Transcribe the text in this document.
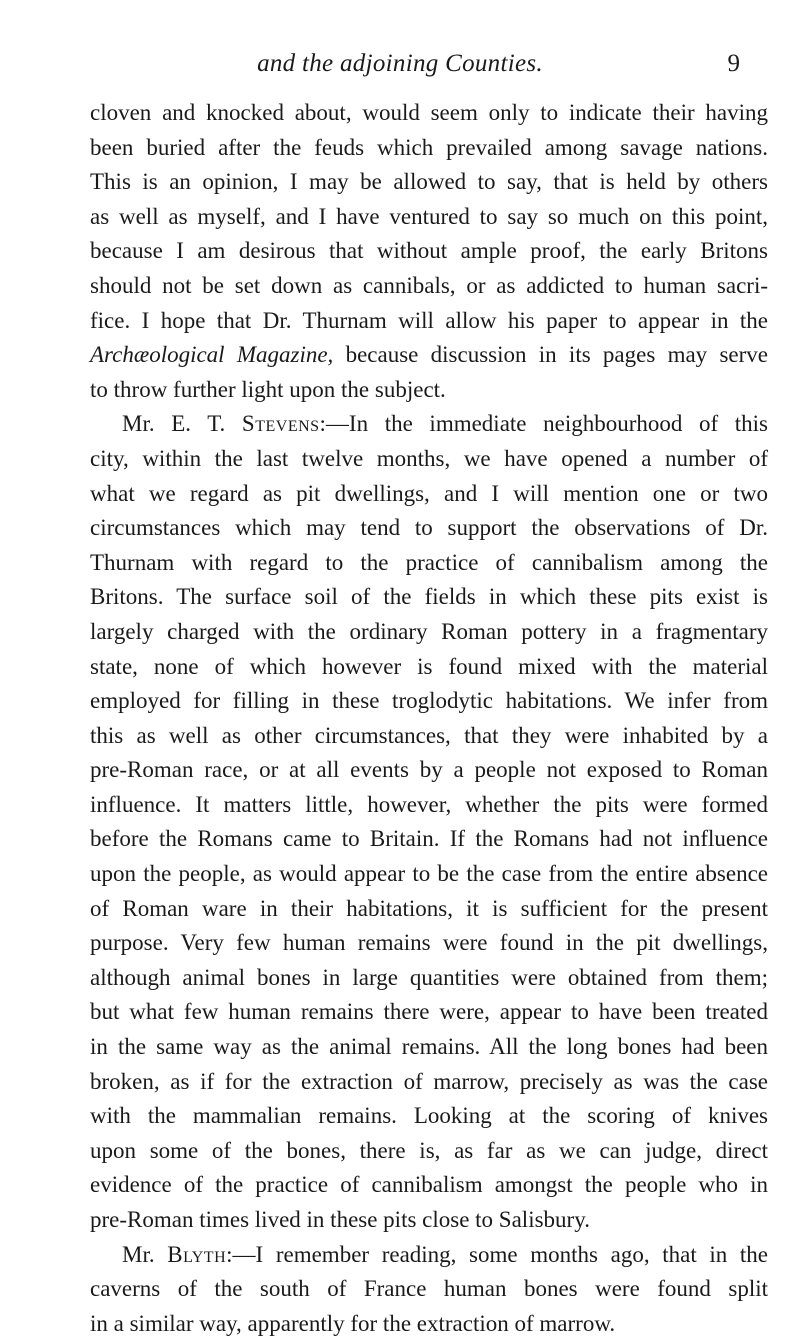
and the adjoining Counties.	9
cloven and knocked about, would seem only to indicate their having
been buried after the feuds which prevailed among savage nations.
This is an opinion, I may be allowed to say, that is held by others
as well as myself, and I have ventured to say so much on this point,
because I am desirous that without ample proof, the early Britons
should not be set down as cannibals, or as addicted to human sacri-
fice. I hope that Dr. Thurnam will allow his paper to appear in the
Archæological Magazine, because discussion in its pages may serve
to throw further light upon the subject.
Mr. E. T. Stevens:—In the immediate neighbourhood of this
city, within the last twelve months, we have opened a number of
what we regard as pit dwellings, and I will mention one or two
circumstances which may tend to support the observations of Dr.
Thurnam with regard to the practice of cannibalism among the
Britons. The surface soil of the fields in which these pits exist is
largely charged with the ordinary Roman pottery in a fragmentary
state, none of which however is found mixed with the material
employed for filling in these troglodytic habitations. We infer from
this as well as other circumstances, that they were inhabited by a
pre-Roman race, or at all events by a people not exposed to Roman
influence. It matters little, however, whether the pits were formed
before the Romans came to Britain. If the Romans had not influence
upon the people, as would appear to be the case from the entire absence
of Roman ware in their habitations, it is sufficient for the present
purpose. Very few human remains were found in the pit dwellings,
although animal bones in large quantities were obtained from them;
but what few human remains there were, appear to have been treated
in the same way as the animal remains. All the long bones had been
broken, as if for the extraction of marrow, precisely as was the case
with the mammalian remains. Looking at the scoring of knives
upon some of the bones, there is, as far as we can judge, direct
evidence of the practice of cannibalism amongst the people who in
pre-Roman times lived in these pits close to Salisbury.
Mr. Blyth:—I remember reading, some months ago, that in the
caverns of the south of France human bones were found split
in a similar way, apparently for the extraction of marrow.
